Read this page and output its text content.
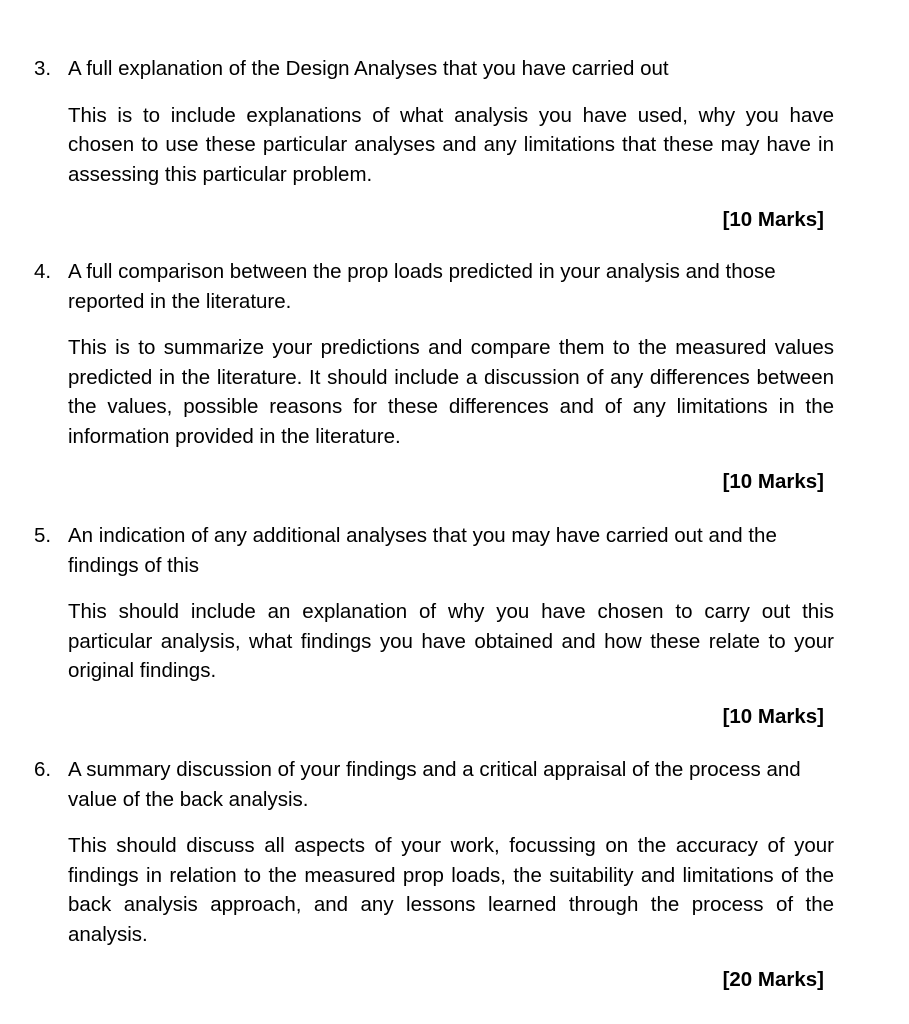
3. A full explanation of the Design Analyses that you have carried out
This is to include explanations of what analysis you have used, why you have chosen to use these particular analyses and any limitations that these may have in assessing this particular problem.
[10 Marks]
4. A full comparison between the prop loads predicted in your analysis and those reported in the literature.
This is to summarize your predictions and compare them to the measured values predicted in the literature. It should include a discussion of any differences between the values, possible reasons for these differences and of any limitations in the information provided in the literature.
[10 Marks]
5. An indication of any additional analyses that you may have carried out and the findings of this
This should include an explanation of why you have chosen to carry out this particular analysis, what findings you have obtained and how these relate to your original findings.
[10 Marks]
6. A summary discussion of your findings and a critical appraisal of the process and value of the back analysis.
This should discuss all aspects of your work, focussing on the accuracy of your findings in relation to the measured prop loads, the suitability and limitations of the back analysis approach, and any lessons learned through the process of the analysis.
[20 Marks]
